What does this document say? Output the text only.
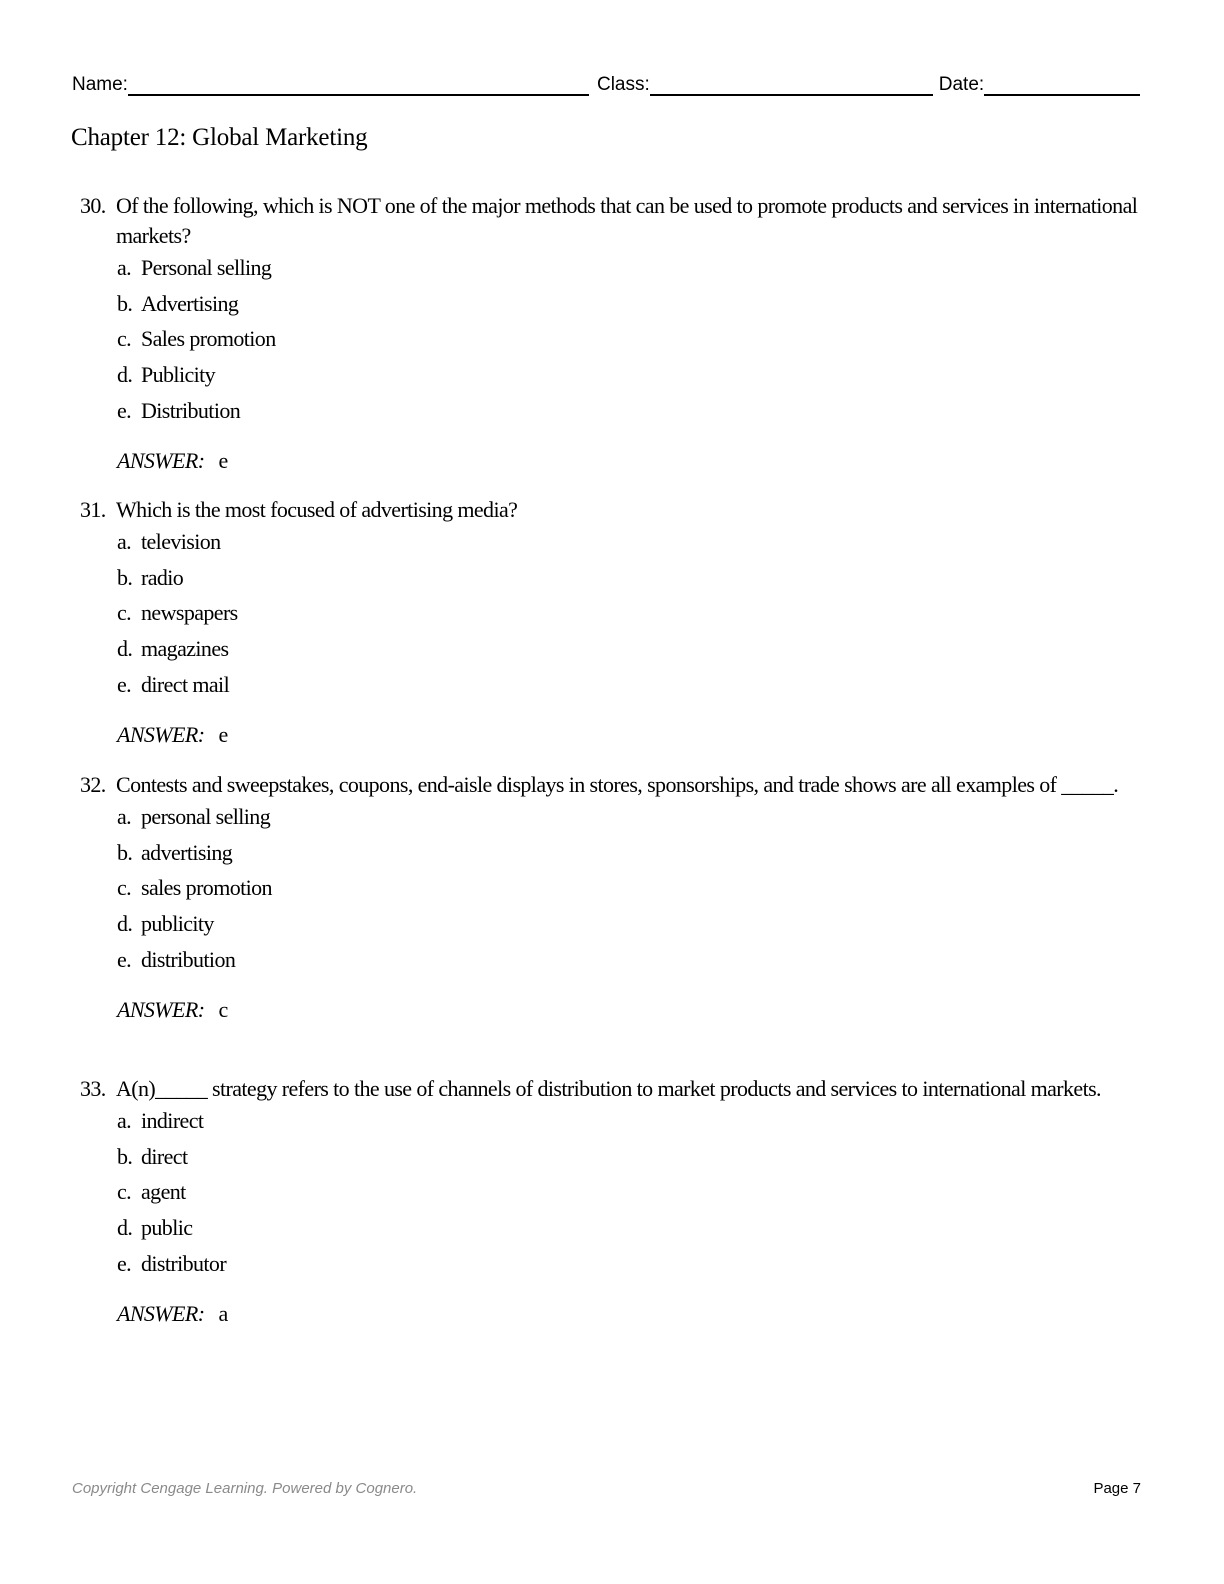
Name:	Class:	Date:
Chapter 12: Global Marketing
30. Of the following, which is NOT one of the major methods that can be used to promote products and services in international markets?
a. Personal selling
b. Advertising
c. Sales promotion
d. Publicity
e. Distribution
ANSWER: e
31. Which is the most focused of advertising media?
a. television
b. radio
c. newspapers
d. magazines
e. direct mail
ANSWER: e
32. Contests and sweepstakes, coupons, end-aisle displays in stores, sponsorships, and trade shows are all examples of _____.
a. personal selling
b. advertising
c. sales promotion
d. publicity
e. distribution
ANSWER: c
33. A(n)_____ strategy refers to the use of channels of distribution to market products and services to international markets.
a. indirect
b. direct
c. agent
d. public
e. distributor
ANSWER: a
Copyright Cengage Learning. Powered by Cognero.	Page 7
